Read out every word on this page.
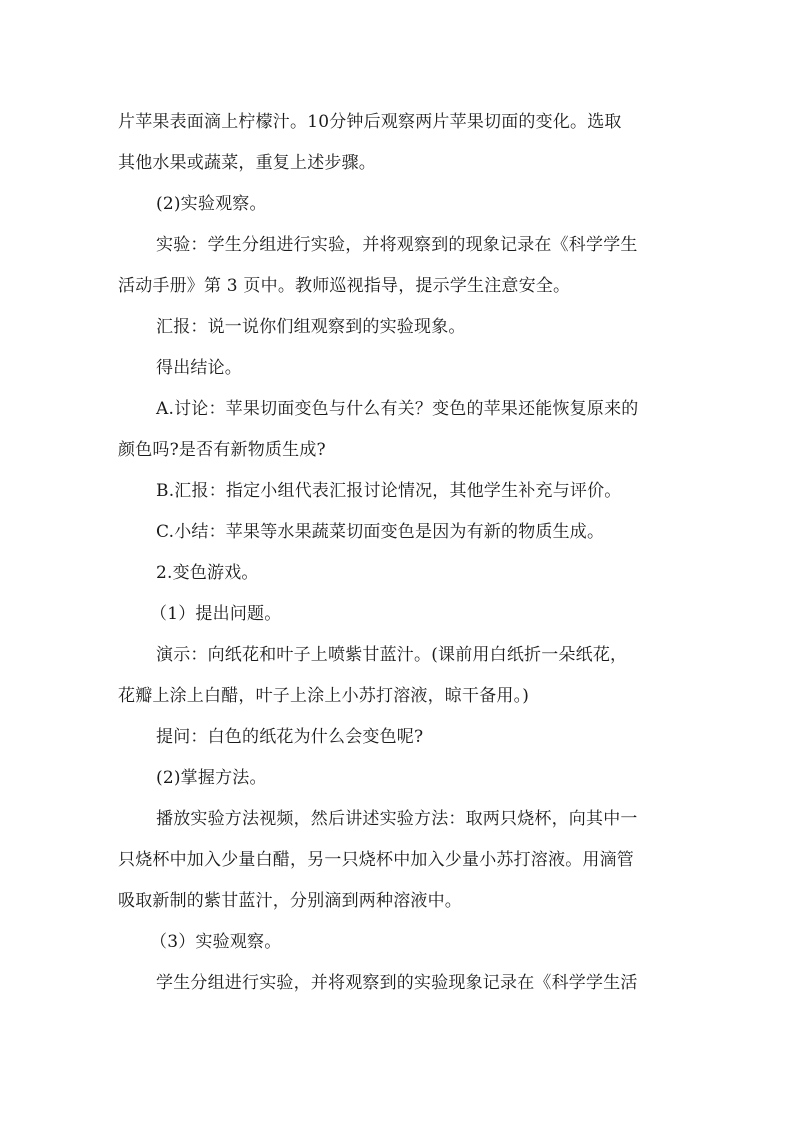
片苹果表面滴上柠檬汁。10分钟后观察两片苹果切面的变化。选取
其他水果或蔬菜，重复上述步骤。
(2)实验观察。
实验：学生分组进行实验，并将观察到的现象记录在《科学学生
活动手册》第 3 页中。教师巡视指导，提示学生注意安全。
汇报：说一说你们组观察到的实验现象。
得出结论。
A.讨论：苹果切面变色与什么有关？变色的苹果还能恢复原来的
颜色吗?是否有新物质生成?
B.汇报：指定小组代表汇报讨论情况，其他学生补充与评价。
C.小结：苹果等水果蔬菜切面变色是因为有新的物质生成。
2.变色游戏。
（1）提出问题。
演示：向纸花和叶子上喷紫甘蓝汁。(课前用白纸折一朵纸花，
花瓣上涂上白醋，叶子上涂上小苏打溶液，晾干备用。)
提问：白色的纸花为什么会变色呢?
(2)掌握方法。
播放实验方法视频，然后讲述实验方法：取两只烧杯，向其中一
只烧杯中加入少量白醋，另一只烧杯中加入少量小苏打溶液。用滴管
吸取新制的紫甘蓝汁，分别滴到两种溶液中。
（3）实验观察。
学生分组进行实验，并将观察到的实验现象记录在《科学学生活
